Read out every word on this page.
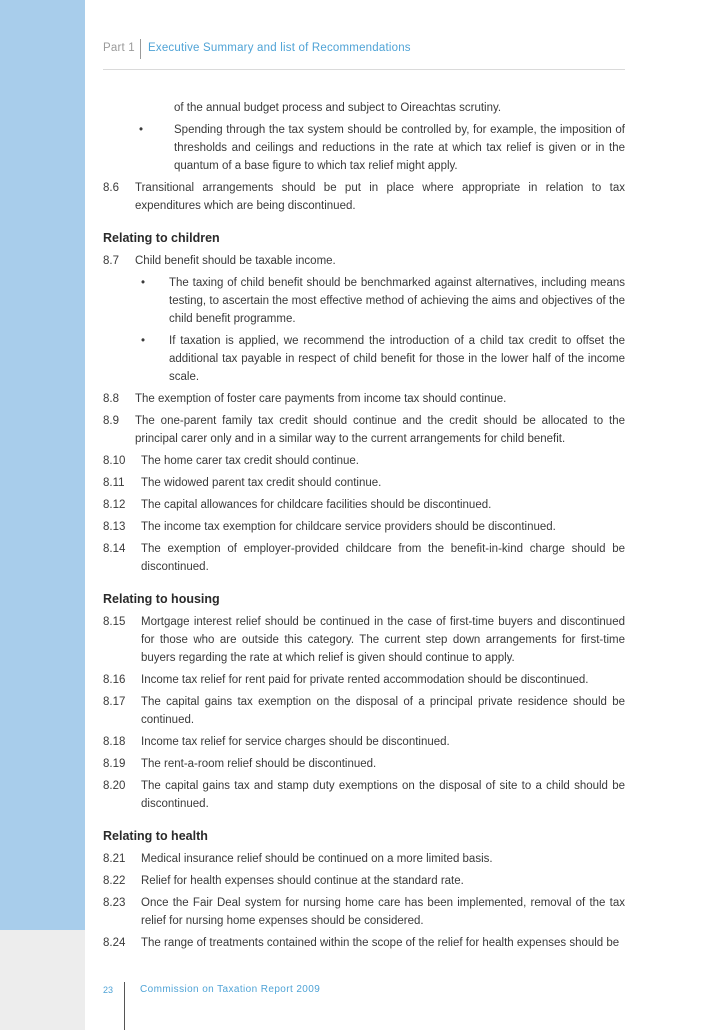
Part 1 Executive Summary and list of Recommendations
of the annual budget process and subject to Oireachtas scrutiny.
•	Spending through the tax system should be controlled by, for example, the imposition of thresholds and ceilings and reductions in the rate at which tax relief is given or in the quantum of a base figure to which tax relief might apply.
8.6 Transitional arrangements should be put in place where appropriate in relation to tax expenditures which are being discontinued.
Relating to children
8.7 Child benefit should be taxable income.
• The taxing of child benefit should be benchmarked against alternatives, including means testing, to ascertain the most effective method of achieving the aims and objectives of the child benefit programme.
• If taxation is applied, we recommend the introduction of a child tax credit to offset the additional tax payable in respect of child benefit for those in the lower half of the income scale.
8.8 The exemption of foster care payments from income tax should continue.
8.9 The one-parent family tax credit should continue and the credit should be allocated to the principal carer only and in a similar way to the current arrangements for child benefit.
8.10 The home carer tax credit should continue.
8.11 The widowed parent tax credit should continue.
8.12 The capital allowances for childcare facilities should be discontinued.
8.13 The income tax exemption for childcare service providers should be discontinued.
8.14 The exemption of employer-provided childcare from the benefit-in-kind charge should be discontinued.
Relating to housing
8.15 Mortgage interest relief should be continued in the case of first-time buyers and discontinued for those who are outside this category. The current step down arrangements for first-time buyers regarding the rate at which relief is given should continue to apply.
8.16 Income tax relief for rent paid for private rented accommodation should be discontinued.
8.17 The capital gains tax exemption on the disposal of a principal private residence should be continued.
8.18 Income tax relief for service charges should be discontinued.
8.19 The rent-a-room relief should be discontinued.
8.20 The capital gains tax and stamp duty exemptions on the disposal of site to a child should be discontinued.
Relating to health
8.21 Medical insurance relief should be continued on a more limited basis.
8.22 Relief for health expenses should continue at the standard rate.
8.23 Once the Fair Deal system for nursing home care has been implemented, removal of the tax relief for nursing home expenses should be considered.
8.24 The range of treatments contained within the scope of the relief for health expenses should be
23	Commission on Taxation Report 2009
